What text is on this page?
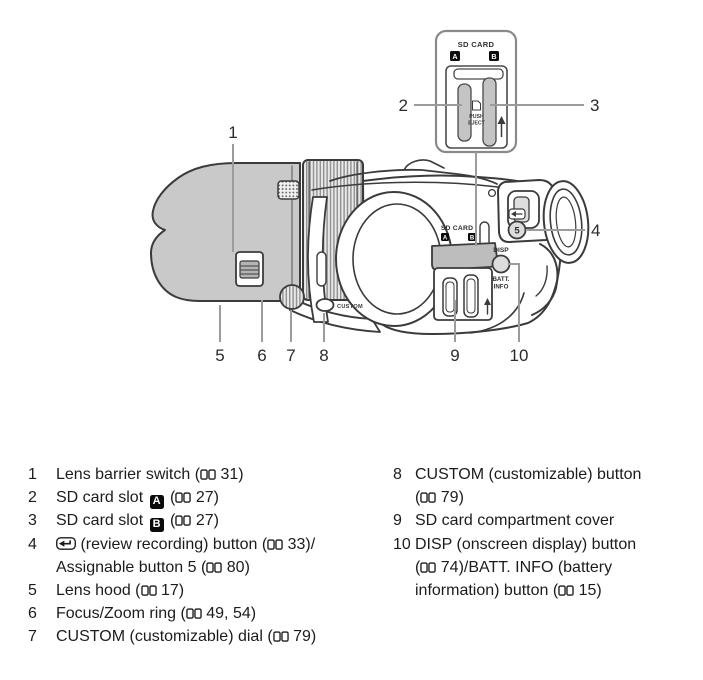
SD CARD
A	B
5
DISP
BATT.
INFO
CUSTOM
SD CARD
A	B
PUSH
EJECT
1
2	3
4
5 6 7 8	9	10
1	Lens barrier switch ( 31)
2	SD card slot A ( 27)
3	SD card slot B ( 27)
4	(review recording) button ( 33)/
Assignable button 5 ( 80)
5	Lens hood ( 17)
6	Focus/Zoom ring ( 49, 54)
7	CUSTOM (customizable) dial ( 79)
8 CUSTOM (customizable) button
( 79)
9 SD card compartment cover
10 DISP (onscreen display) button
( 74)/BATT. INFO (battery
information) button ( 15)
